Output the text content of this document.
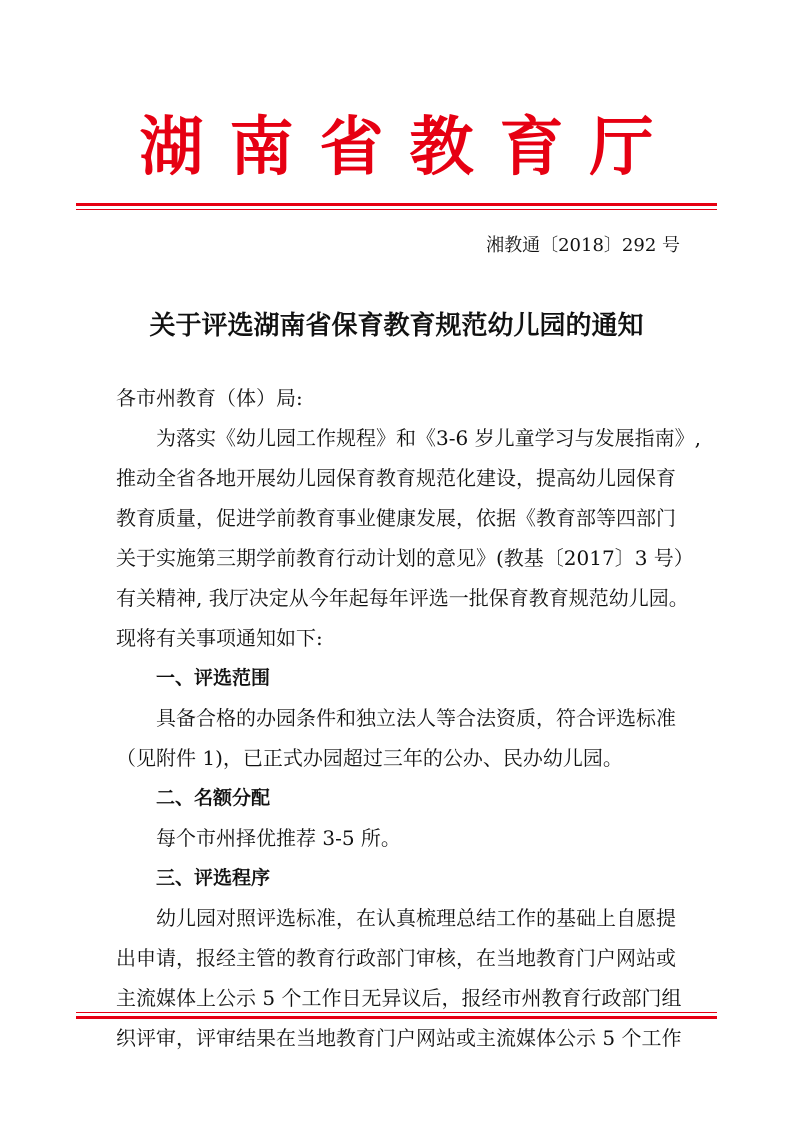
湖南省教育厅
湘教通〔2018〕292 号
关于评选湖南省保育教育规范幼儿园的通知
各市州教育（体）局:
为落实《幼儿园工作规程》和《3-6 岁儿童学习与发展指南》,
推动全省各地开展幼儿园保育教育规范化建设，提高幼儿园保育
教育质量，促进学前教育事业健康发展，依据《教育部等四部门
关于实施第三期学前教育行动计划的意见》(教基〔2017〕3 号）
有关精神, 我厅决定从今年起每年评选一批保育教育规范幼儿园。
现将有关事项通知如下:
一、评选范围
具备合格的办园条件和独立法人等合法资质，符合评选标准
（见附件 1)，已正式办园超过三年的公办、民办幼儿园。
二、名额分配
每个市州择优推荐 3-5 所。
三、评选程序
幼儿园对照评选标准，在认真梳理总结工作的基础上自愿提
出申请，报经主管的教育行政部门审核，在当地教育门户网站或
主流媒体上公示 5 个工作日无异议后，报经市州教育行政部门组
织评审，评审结果在当地教育门户网站或主流媒体公示 5 个工作
